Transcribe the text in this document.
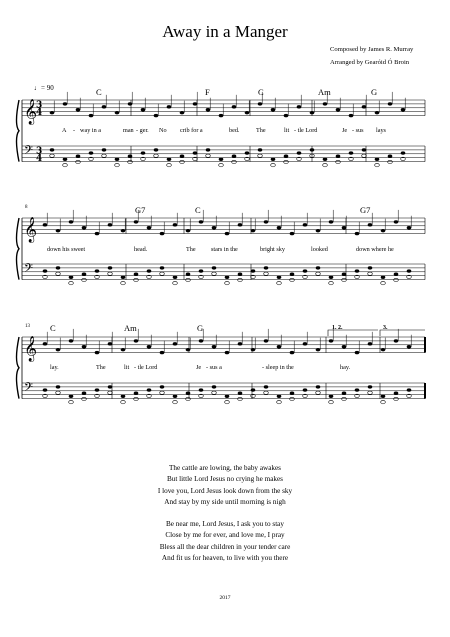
Away in a Manger
Composed by James R. Murray
Arranged by Gearóid Ó Broin
♩= 90
𝄞
𝄢
3
3
4
4
𝄞
𝄢
𝄞
𝄢
C	F	C	Am	G
A - way in a	man - ger. No crib for a	bed.	The	lit - tle Lord	Je - sus lays
8	G7	C	G7
down his sweet	head.	The stars in the	bright sky	looked	down where he
13 C	Am	G	1. 2.	3.
lay.	The	lit - tle Lord	Je - sus a	- sleep in the	hay.
The cattle are lowing, the baby awakes
But little Lord Jesus no crying he makes
I love you, Lord Jesus look down from the sky
And stay by my side until morning is nigh
Be near me, Lord Jesus, I ask you to stay
Close by me for ever, and love me, I pray
Bless all the dear children in your tender care
And fit us for heaven, to live with you there
2017
